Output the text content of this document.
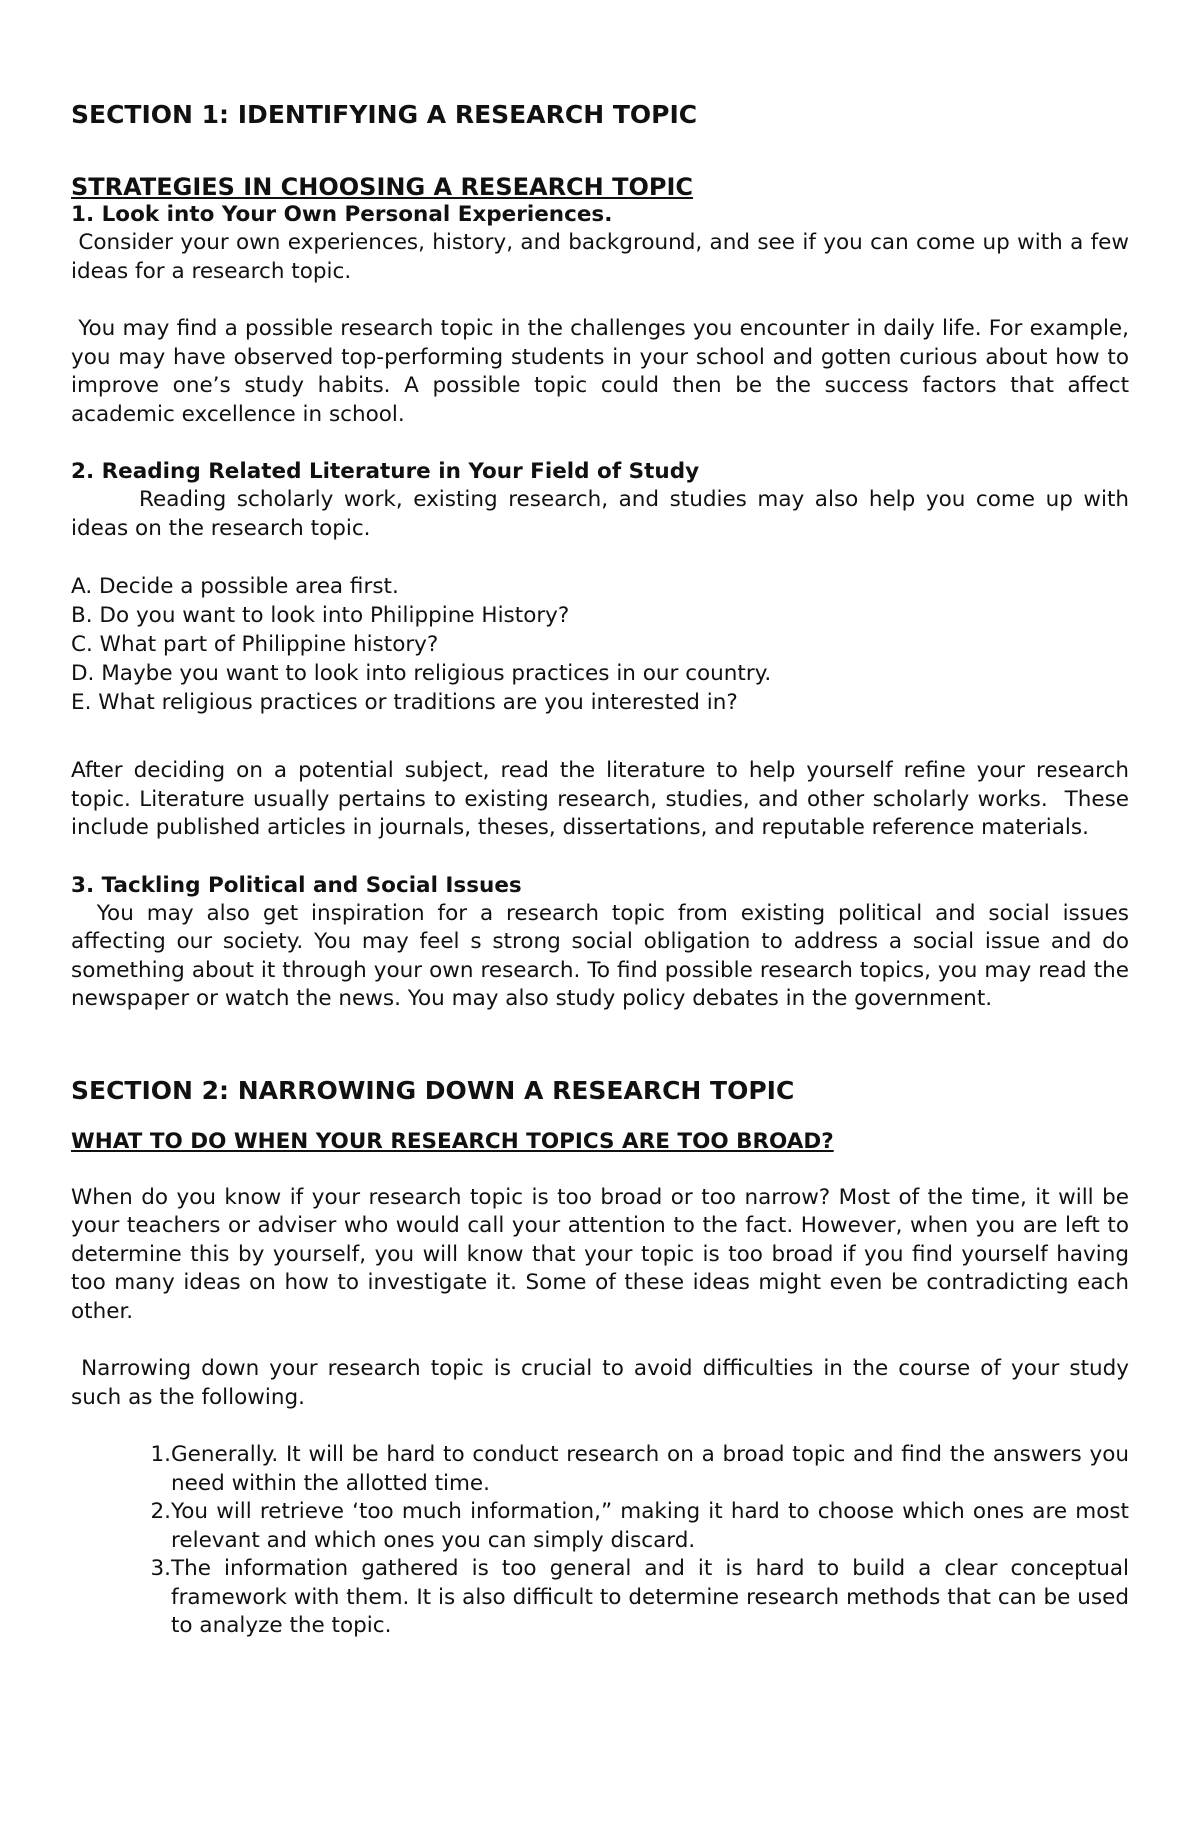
SECTION 1: IDENTIFYING A RESEARCH TOPIC
STRATEGIES IN CHOOSING A RESEARCH TOPIC
1. Look into Your Own Personal Experiences.

Consider your own experiences, history, and background, and see if you can come up with a few ideas for a research topic.

You may find a possible research topic in the challenges you encounter in daily life. For example, you may have observed top-performing students in your school and gotten curious about how to improve one’s study habits. A possible topic could then be the success factors that affect academic excellence in school.

2. Reading Related Literature in Your Field of Study

Reading scholarly work, existing research, and studies may also help you come up with ideas on the research topic.

A. Decide a possible area first.
B. Do you want to look into Philippine History?
C. What part of Philippine history?
D. Maybe you want to look into religious practices in our country.
E. What religious practices or traditions are you interested in?

After deciding on a potential subject, read the literature to help yourself refine your research topic. Literature usually pertains to existing research, studies, and other scholarly works.  These include published articles in journals, theses, dissertations, and reputable reference materials.

3. Tackling Political and Social Issues

You may also get inspiration for a research topic from existing political and social issues affecting our society. You may feel s strong social obligation to address a social issue and do something about it through your own research. To find possible research topics, you may read the newspaper or watch the news. You may also study policy debates in the government.

SECTION 2: NARROWING DOWN A RESEARCH TOPIC
WHAT TO DO WHEN YOUR RESEARCH TOPICS ARE TOO BROAD?

When do you know if your research topic is too broad or too narrow? Most of the time, it will be your teachers or adviser who would call your attention to the fact. However, when you are left to determine this by yourself, you will know that your topic is too broad if you find yourself having too many ideas on how to investigate it. Some of these ideas might even be contradicting each other.

Narrowing down your research topic is crucial to avoid difficulties in the course of your study such as the following.

1. Generally. It will be hard to conduct research on a broad topic and find the answers you need within the allotted time.
2. You will retrieve ‘too much information,” making it hard to choose which ones are most relevant and which ones you can simply discard.
3. The information gathered is too general and it is hard to build a clear conceptual framework with them. It is also difficult to determine research methods that can be used to analyze the topic.
